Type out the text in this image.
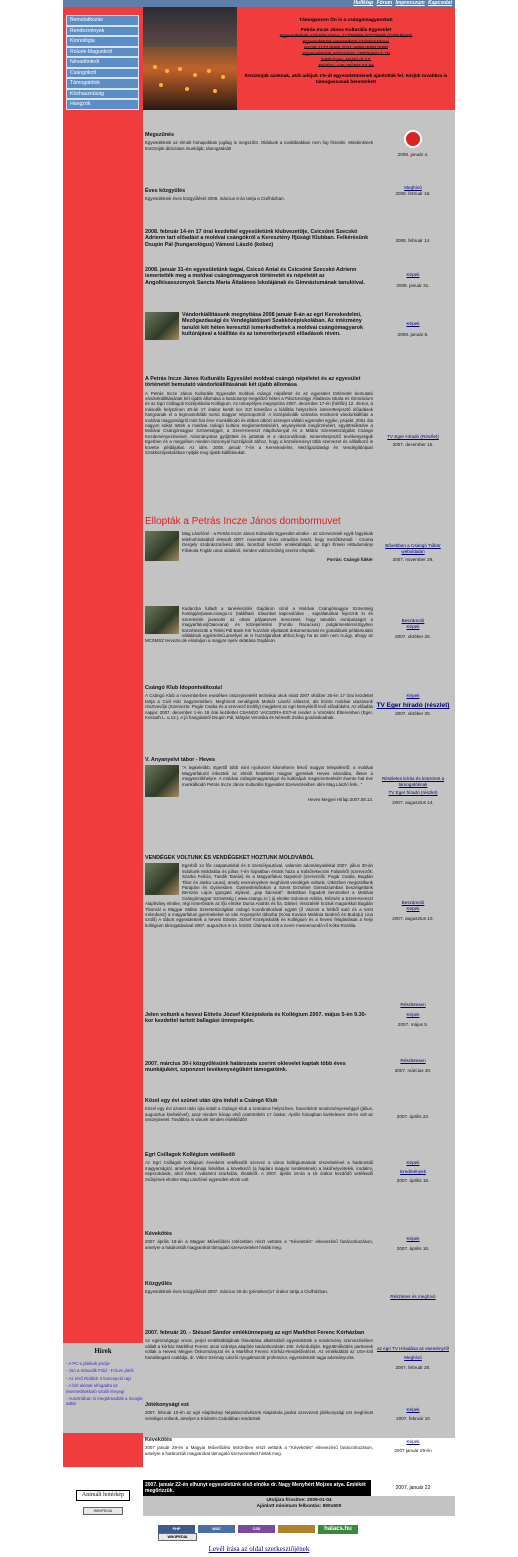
Hufiklap Fórum Impresszum Kapcsolat
Bemutatkozás
Rendezvények
Kronológia
Rólunk-Magunkról
Névadónkról
Csángókról
Támogatóink
Közhasznúság
Hangzók
Támogasson Ön is a csángómagyarokat!
Petrás Incze János Kulturális Egyesület
Egyesületünk számlaszáma: 11739009-20215858 (OTP Bank)
Egyesületünk nemzetközi számlaszáma:
HU35 1173 9009 2021 5858 0000 0000
Egyesületünk adószáma: 18576300-1-10
3300 Eger, Hajdú út 17.
Telefon: +36 30/484 54 66
Köszönjük azoknak, akik adójuk 1%-át egyesületünknek ajánlották fel. Kérjük továbbra is támogassanak bennünket!
Megszűnés

Egyesületünk az elmúlt hónapokban jogilag is megszűnt. Oldalunk a továbbiakban nem fog frissülni. Mindenkinek köszönjük áldozatos munkáját, támogatását!

Éves közgyűlés

Egyesületünk éves közgyűlését 2008. március 6-án tartja a Civilházban.

2008. február 14-én 17 órai kezdettel egyesületünk klubvezetője, Csicsóné Szecskó Adrienn tart előadást a moldvai csángókról a Keresztény Ifjúsági Klubban. Felkérésünk Dsupin Pál (hungarológus) Vámosi László (kobez)
2008. január 31-én egyesületünk tagjai, Csicsó Antal és Csicsóné Szecskó Adrienn ismertették meg a moldvai csángómagyarok történetét és népéletét az Angolkisasszonyok Sancta Maria Általános Iskolájának és Gimnáziumának tanulóival.
Vándorkiállításunk megnyitása 2008 január 8-án az egri Kereskedelmi, Mezőgazdasági és Vendéglátóipari Szakközépiskolában. Az intézmény tanulói két héten keresztül ismerkedhettek a moldvai csángómagyarok kultúrájával a kiállítás és az ismeretterjesztő előadások révén.
A Petrás Incze János Kulturális Egyesület moldvai csángó népéletet és az egyesület történetét bemutató vándorkiállításának két újabb állomása

A Petrás Incze János Kulturális Egyesület moldvai csángó népéletet és az egyesület történetét bemutató vándorkiállításának két újabb állomása a karácsonyt megelőző héten a Pásztorvölgyi Általános Iskola és Gimnázium és az Egri Csillagok Középiskolai Kollégium. Az ünnepélyes megnyitóra 2007. december 17-én (hétfőn) 12. 45-kor, a második helyszínen 20-án 17 órakor került sor. Ezt követően a kiállítás helyszínén ismeretterjesztő előadások hangzanak el a legmostohább sorsú magyar népcsoportról. A középiskolák számára rendezett vándorkiállítás a moldvai magyarságról mint hat érve munkálkodó és ebben útközi szerepet vállaló egyesület egyike, projekt. 2001 óta nagyon sokat tettek a moldvai csángó kultúra megismertetéséért, anyanyelvük megőrzéséért, együttműködve a Moldvai Csángómagyar Szövetséggel, a Szent-Kereszt Alapítvánnyal és a Mátrai Szeretetszolgálat Csángó Kezdeményezéseivel. Adományokat gyűjtöttek és juttattak el a rászorulóknak. Ismeretterjesztő tevékenységük Egerben és a megyében minden bizonnyal hozzájárult ahhoz, hogy a közvéleményt több szervezet és vállalkozó is követte példájukat. Az idén, 2008. január 7-én a Kereskedelmi, Mezőgazdasági és Vendéglátóipari Szakközépiskolában nyitják meg újabb kiállításukat.

Ellopták a Petrás Incze János dombormuvet

Mag Lászlóné - a Petrás Incze János Kulturális Egyesület elnöke - az szervezetek egyik fagyának telefonhívásából értesült 2007. november 3-án virradóra ismét, hogy mezőkövesdi - Csoma Gergely szobrászművész által, bronzból készült- emléktábláját, az Egri Érseki Hittudományi Főiskola Foglár utcai oldaláról, minden valószínűség szerint ellopták.

Forrás: Csángó fútkér

Kudarcba fulladt a tanévkezdés Gajdáron című a Moldvai Csángómagyar Szövetség honlapján(www.csango.ro )található írásunkat kapcsolódva , sajnálatunkat fejezzük ki és szeretnénk javasolni az ottani pályatervet tervezetet, hogy tanulóin európaiságot a magyarfalusi(Oaiceana) és középérintési (Fundu Racaciuni) polgármesterrel.Egyben közzétesszük a Teleki Pál Bank Kör hozzánk eljuttatott dokumentumát és gratulálunk példamutató vállalásuk egyértelmű,amellyel ok is hozzájárultak ahhoz,hogy ha az idén nem is,úgy, ahogy az MCSMSZ tervezte,de elinduljon a magyar nyelv oktatása Gajdáron.

Csángó Klub Idopontváltozás!

A Csángó Klub a novemberben esedékes összejövetelét technikai okok miatt 2007 október 25-én 17 órai kezdettel tartja a Civil Ház nagytermében. Meghívott vendégünk Molnár László válaszol, aki közös moldvai utazásunk résztvevője (Szervezte: Pogár Csaba és a szervező Erdély) megjelent az egri környékről levő előadóként. Az előadás napjai: 2007. december 1-én 19 órai kezdettel CSANGO VACSORA-EST-et rendez a Vöröskör Étteremben (Eger, Kossuth L. u.12.). A jó hangulatról Dsupin Pál, Mátyás Veronika és Németh Zsóka gondoskodnak.

V. Anyanyelvi tábor - Heves

"A legkeletibb, Egertől több mint nyolcezer kilométerre fekvő magyar településről, a moldvai Magyarfaluról érkeztek az elmúlt hetekben magyar gyerekek Heves városába, illetve a megyeszékhelyre. A moldvai csángómagyarságot és kultúrájuk megismertetésért évente hat éve munkálkodó Petrás Incze János Kulturális Egyesület Szervezésében idén Mag László felé..."

Heves Megyei Hírlap 2007.08.13.

VENDÉGEK VOLTUNK ÉS VENDÉGEKET HOZTUNK MOLDVÁBÓL

Egerből 14 fős csapatunkkal és 6 személyautóval, valamint adományainkkal 2007. július 30-án indultunk Moldvába és július 7-én hajnalban értünk haza a Külsőrekecsini Falutelről (szervezők: Szarka Felícia, Tündik Tamás) és a Magyarfalusi Napokról (szervezők: Pogár Csaba, Bogdán Tibor és Janku Laura), amely eseményeken meghívott vendégek voltunk. Útközben megszálltunk Parajdon és Gyimesben. Gyimesfelsőlokon a Szent Erzsébet Gimnáziumban beszélgettünk Berszán Lajos igazgató atyával, „pap bácsival". Bekötban fogadott bennünket a Moldvai Csángómagyar Szövetség ( www.csango.ro ) új elnöke Solomon Adrián, Klézsén a Szent-Kereszt Alapítvány elnöke, régi ismerősünk az ifjú elnöke Duma András és fia, Dániel. Visszafelé hoztuk magunkkal Bogdán Tibornál a Magyar Máltai Szeretetszolgálat csángó koordinátorával együtt (ő viszont a hétből autó és a teret mikrobusz) a magyarfalusi gyermekeket az idei Anyanyelvi táborba (Kósa Kovács Melánia tanárnő és Buda(u) Lina szülő) A tábort egyesületünk a hevesi Eötvös József Középiskolák és Kollégium és a hevesi felajánlásait a helyi kollégium támogatásával 2007. augusztus 6-14. között. Ütántunk volt a nevre meseemondó-rő Kóka Rozália.

Jelen voltunk a hevesi Eötvös József Középiskola és Kollégium 2007. május 5-én 9.30-kor kezdettel tartott ballagási ünnepségén.
2007. március 30-i közgyűlésünk határozata szerint oklevelet kaptak több éves munkájukért, szponzori tevékenységükért támogatóink.
Közel egy évi szünet után újra indult a Csángó Klub

Közel egy évi szünet után újra indult a Csángó Klub a szokásos helyszínen, havonkénti rendezvényességgel (július, augusztus kivételével), azaz minden hónap első csütörtökén 17 órakor. Április hónapban kivételesen 19-én volt az összejövetel. Továbbra is várunk minden érdeklődőt!

Egri Csillagok Kollégium vetélkedő

Az Egri Csillagok Kollégium évenként vetélkedőt szervez a város kollégiumainak részvételével a határontúli magyarságról, amelyek témaja felváltva a következő (a hajdani magyar területeknek) a lakóhelyvételek, irodalmi, népszokások, ahol élnek, valamint szurkolás, életükről. A 2007. április 16-án a 16 órakor kezdődő vetélkedő zsűrijének elnöke Mag Lászlóné egyesületi elnök volt.

Kévekötés

2007 április 16-án a Magyar Művelődési Intézetben részt vettünk a "Kévekötés" elnevezésű fanáccskozáson, amelyre a határontúli magyarokat támogató szervezeteket hívták meg.

Közgyűlés

Egyesületünk éves közgyűlését 2007. március 30-án (pénteken)17 órakor tartja a Civilházban.

2007. február 20. - Stészel Sándor emlékünnepség az egri Marklhot Ferenc Kórházban

Az egészségügyi orvos, perjel emléktáblájának felavatása alkalmából egyesületünk a rendezvény szervezésében vállalt a kórház Marklhot Ferenc utcai számlya alapítóe tanácskozásán 100. évfordulóján. Együttműködés partnerek voltak a Hevesi Megyei Önkormányzat és a Marklhot Ferenc Kórház-Rendelőintézet. Az emléktáblát az USA-ból hazalátogató családja, dr. Viktor Szémay László nyugalmazott professzor, egyesületünk tagja adományozta.

Jótékonysági est

2007. február 10-én az egri Alapítványi Néptáncművészeti Alapiskola javára szervezett jótékonysági est meghívott vendégei voltunk, amelyet a Kódmén Csárdában rendeztek.

Kévekötés

2007 január 29-én a Magyar Művelődési Intézetben részt vettünk a "Kévekötés" elnevezésű fanáccskozáson, amelyre a határontúli magyarokat támogató szervezeteket hívták meg.

2009. január 4.
Meghívó
2008. február 16.
2008. február 14.
Képek
2008. január 31.
Képek
2008. január 8.
TV Eger Híradó (Részlet)
2007. december 15.
Bővebben a Csángó Túlkör weboldalán
2007. november 29.
Beszámoló
Képek
2007. október 20.
Képek
TV Eger híradó (részlet)
2007. október 20.
Részletes leírás és köszönet a támogatóknak
TV Eger híradó (részlet)
2007. augusztus 14.
Beszámoló
Képek
2007. augusztus 10.
Részletesen
Képek
2007. május 5.
Részletesen
2007. március 30.
2007. április 22.
Képek
Eredmények
2007. április 18.
Képek
2007. április 16.
Részletes és meghívó
az egri TV Híradása az eseményről
Meghívó
2007. február 20.
Képek
2007. február 10
Képek
2007 január 29-én
Hírek
- A PC-s játékok jövője
- Jön a második Föld - Fórum játék
- Az első Riddick 3 koncepció rajz
- A bírt akinak elfogadta az internetblokkoló szülői lényegi
- Ausztriában is megtámadták a Google adtát
Animált hotérkép
WIKIPEDIA
2007. január 22-én elhunyt egyesületünk első elnöke dr. Nagy Menyhért Mojzes atya. Emlékét megőrizzük.	2007. január 22
Utoljára frissítve: 2009-01-04
Ajánlott minimum felbontás: 800x600
PHP	W3C	CSS
WIKIPEDIA
halacs.hu
Levél írása az oldal szerkesztőjének
